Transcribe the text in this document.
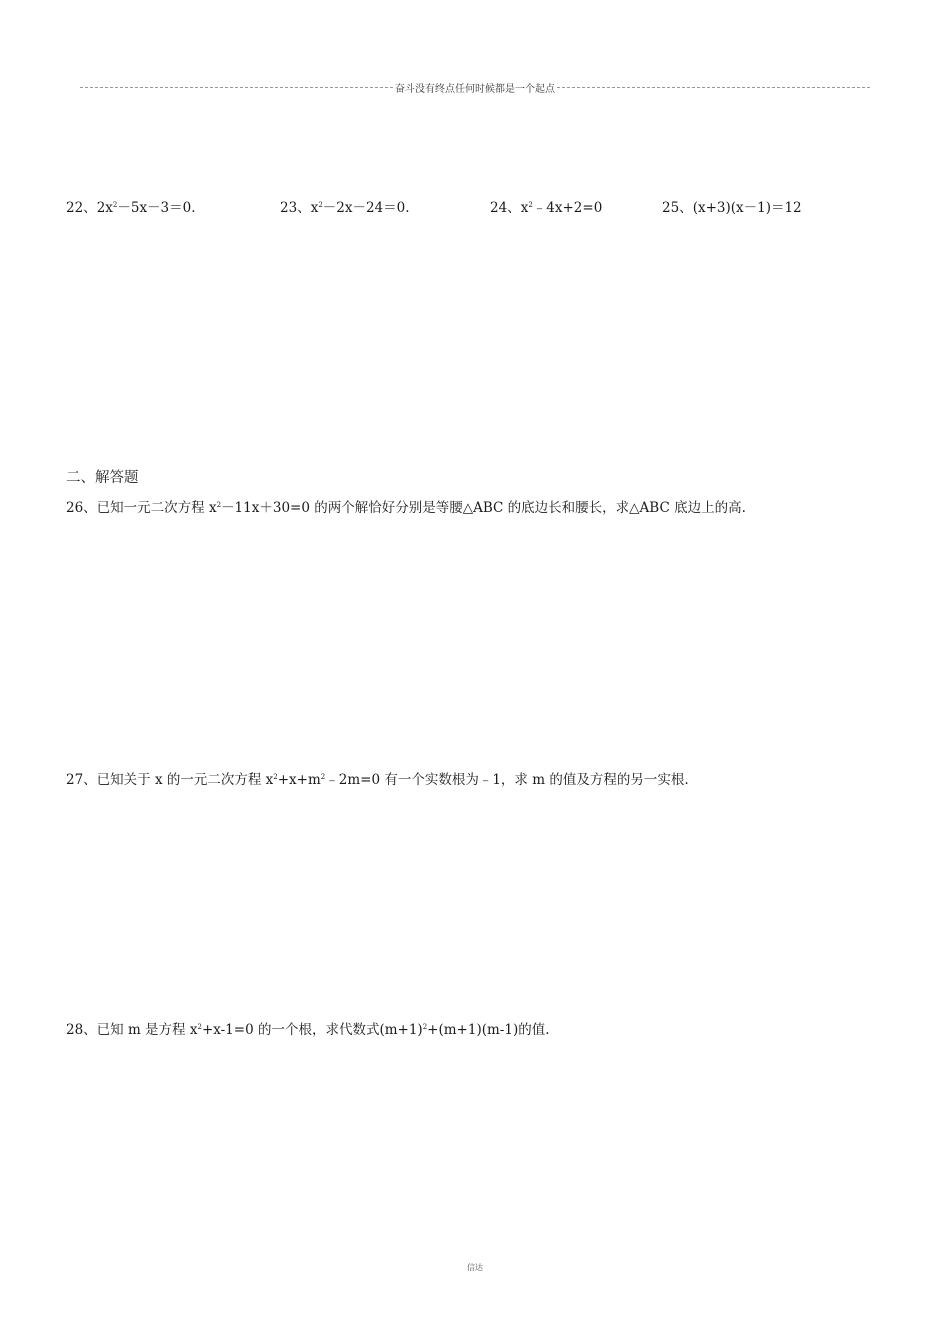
奋斗没有终点任何时候都是一个起点
22、$2x^2-5x-3=0$.	23、$x^2-2x-24=0$.	24、$x^2﹣4x+2=0$	25、(x+3)(x－1)＝12
二、解答题
26、已知一元二次方程 $x^2-11x+30=0$ 的两个解恰好分别是等腰△ABC 的底边长和腰长，求△ABC 底边上的高.
27、已知关于 x 的一元二次方程 $x^2+x+m^2﹣2m=0$ 有一个实数根为﹣1，求 m 的值及方程的另一实根.
28、已知 m 是方程 $x^2+x-1=0$ 的一个根，求代数式$(m+1)^2+(m+1)(m-1)$的值.
信达
